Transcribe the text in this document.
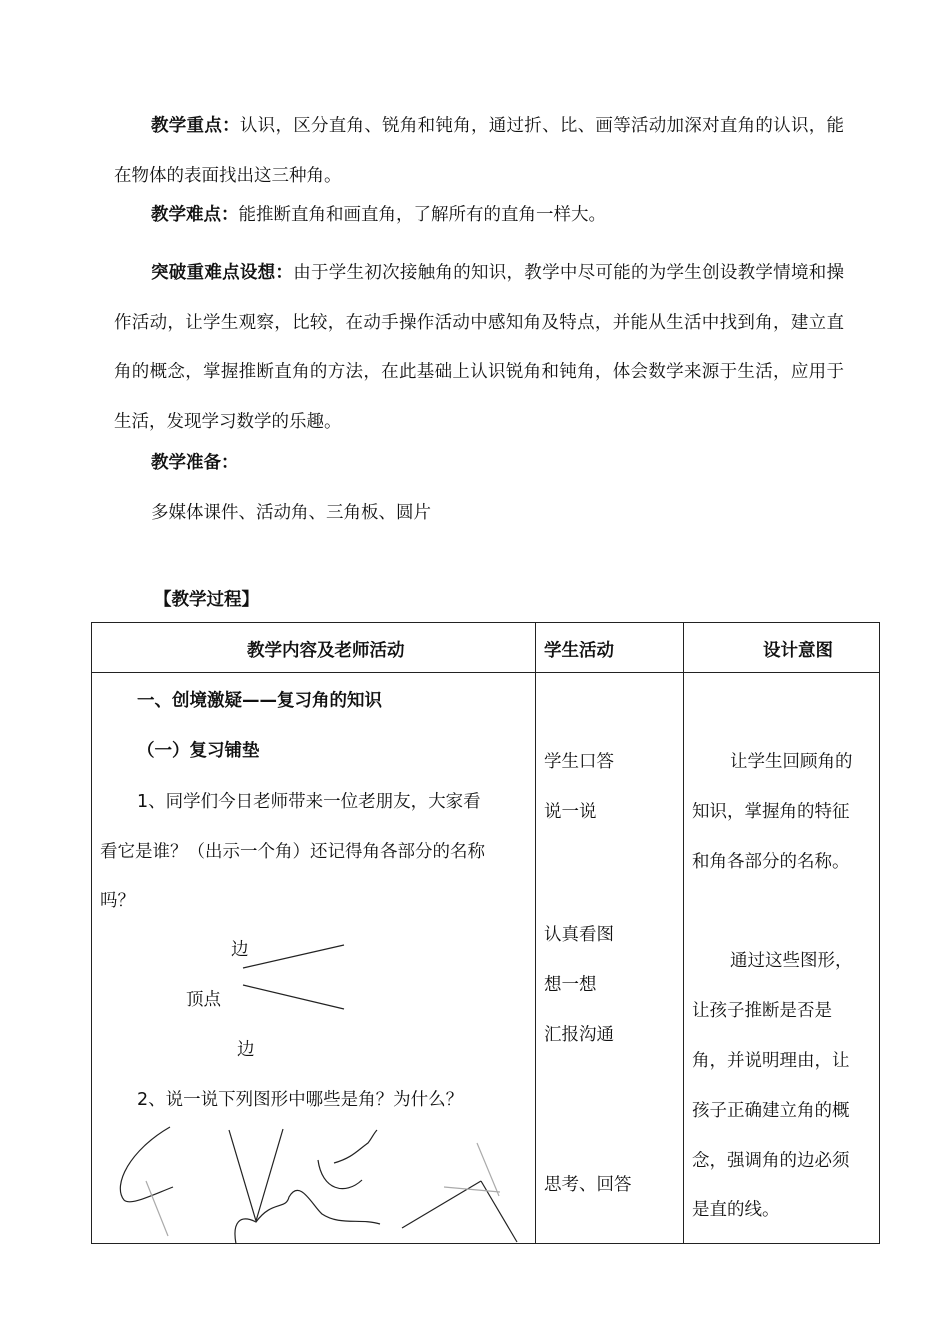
教学重点：认识，区分直角、锐角和钝角，通过折、比、画等活动加深对直角的认识，能在物体的表面找出这三种角。

教学难点：能推断直角和画直角，了解所有的直角一样大。

突破重难点设想：由于学生初次接触角的知识，教学中尽可能的为学生创设教学情境和操作活动，让学生观察，比较，在动手操作活动中感知角及特点，并能从生活中找到角，建立直角的概念，掌握推断直角的方法，在此基础上认识锐角和钝角，体会数学来源于生活，应用于生活，发现学习数学的乐趣。

教学准备：

多媒体课件、活动角、三角板、圆片

【教学过程】

教学内容及老师活动	学生活动	设计意图
一、创境激疑——复习角的知识
（一）复习铺垫
1、同学们今日老师带来一位老朋友，大家看
看它是谁？（出示一个角）还记得角各部分的名称
吗？
边
顶点
边
2、说一说下列图形中哪些是角？为什么？
学生口答
说一说
认真看图
想一想
汇报沟通
思考、回答
让学生回顾角的
知识，掌握角的特征
和角各部分的名称。
通过这些图形，
让孩子推断是否是
角，并说明理由，让
孩子正确建立角的概
念，强调角的边必须
是直的线。
